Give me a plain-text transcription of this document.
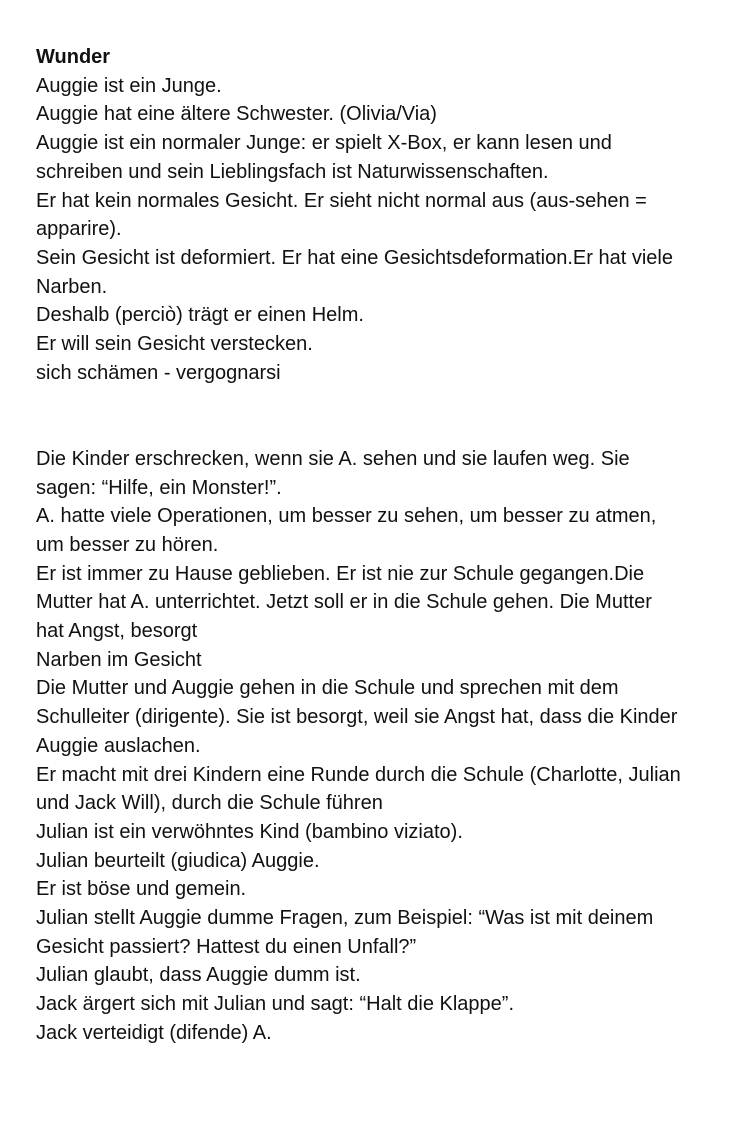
Wunder
Auggie ist ein Junge.
Auggie hat eine ältere Schwester. (Olivia/Via)
Auggie ist ein normaler Junge: er spielt X-Box, er kann lesen und
schreiben und sein Lieblingsfach ist Naturwissenschaften.
Er hat kein normales Gesicht. Er sieht nicht normal aus (aus-sehen =
apparire).
Sein Gesicht ist deformiert. Er hat eine Gesichtsdeformation.Er hat viele
Narben.
Deshalb (perciò) trägt er einen Helm.
Er will sein Gesicht verstecken.
sich schämen - vergognarsi
Die Kinder erschrecken, wenn sie A. sehen und sie laufen weg. Sie
sagen: “Hilfe, ein Monster!”.
A. hatte viele Operationen, um besser zu sehen, um besser zu atmen,
um besser zu hören.
Er ist immer zu Hause geblieben. Er ist nie zur Schule gegangen.Die
Mutter hat A. unterrichtet. Jetzt soll er in die Schule gehen. Die Mutter
hat Angst, besorgt
Narben im Gesicht
Die Mutter und Auggie gehen in die Schule und sprechen mit dem
Schulleiter (dirigente). Sie ist besorgt, weil sie Angst hat, dass die Kinder
Auggie auslachen.
Er macht mit drei Kindern eine Runde durch die Schule (Charlotte, Julian
und Jack Will), durch die Schule führen
Julian ist ein verwöhntes Kind (bambino viziato).
Julian beurteilt (giudica) Auggie.
Er ist böse und gemein.
Julian stellt Auggie dumme Fragen, zum Beispiel: “Was ist mit deinem
Gesicht passiert? Hattest du einen Unfall?”
Julian glaubt, dass Auggie dumm ist.
Jack ärgert sich mit Julian und sagt: “Halt die Klappe”.
Jack verteidigt (difende) A.
